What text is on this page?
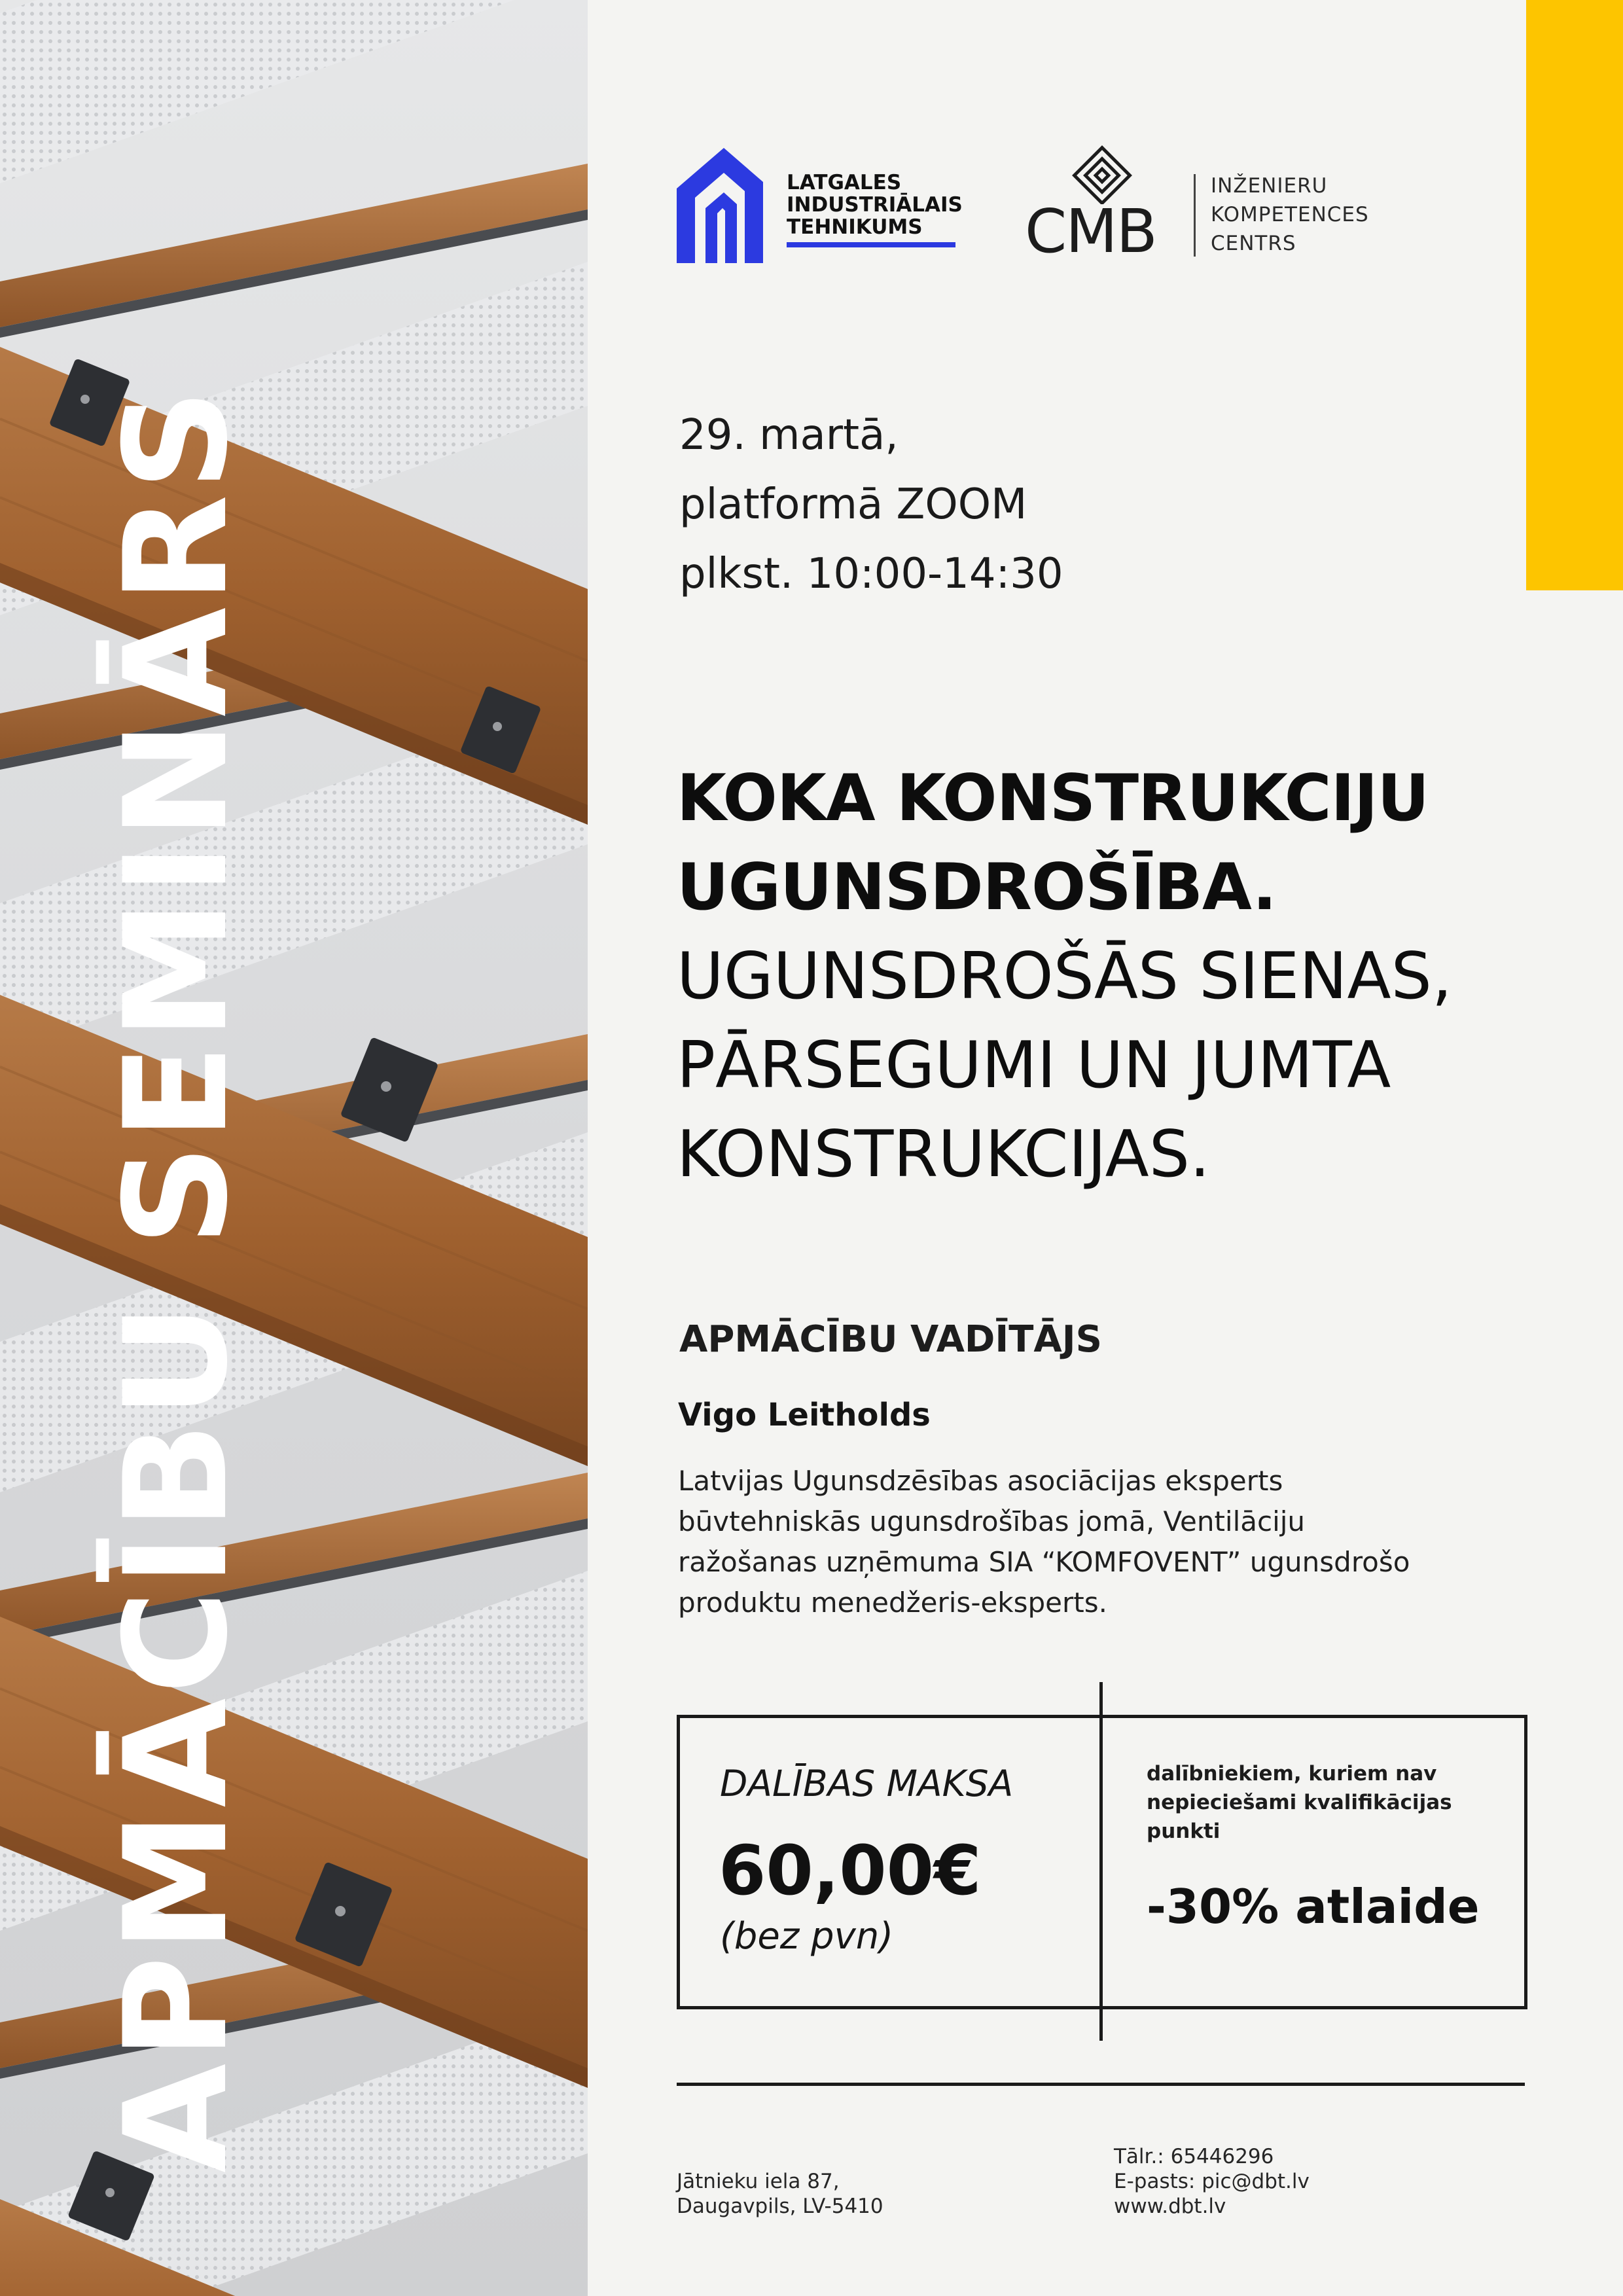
APMĀCĪBU SEMINĀRS
LATGALES
INDUSTRIĀLAIS
TEHNIKUMS	CMB
INŽENIERU
KOMPETENCES
CENTRS
29. martā,
platformā ZOOM
plkst. 10:00-14:30
KOKA KONSTRUKCIJU
UGUNSDROŠĪBA.
UGUNSDROŠĀS SIENAS,
PĀRSEGUMI UN JUMTA
KONSTRUKCIJAS.
APMĀCĪBU VADĪTĀJS
Vigo Leitholds
Latvijas Ugunsdzēsības asociācijas eksperts
būvtehniskās ugunsdrošības jomā, Ventilāciju
ražošanas uzņēmuma SIA “KOMFOVENT” ugunsdrošo
produktu menedžeris-eksperts.
DALĪBAS MAKSA
60,00€
(bez pvn)
dalībniekiem, kuriem nav
nepieciešami kvalifikācijas
punkti
-30% atlaide
Jātnieku iela 87,
Daugavpils, LV-5410
Tālr.: 65446296
E-pasts: pic@dbt.lv
www.dbt.lv
